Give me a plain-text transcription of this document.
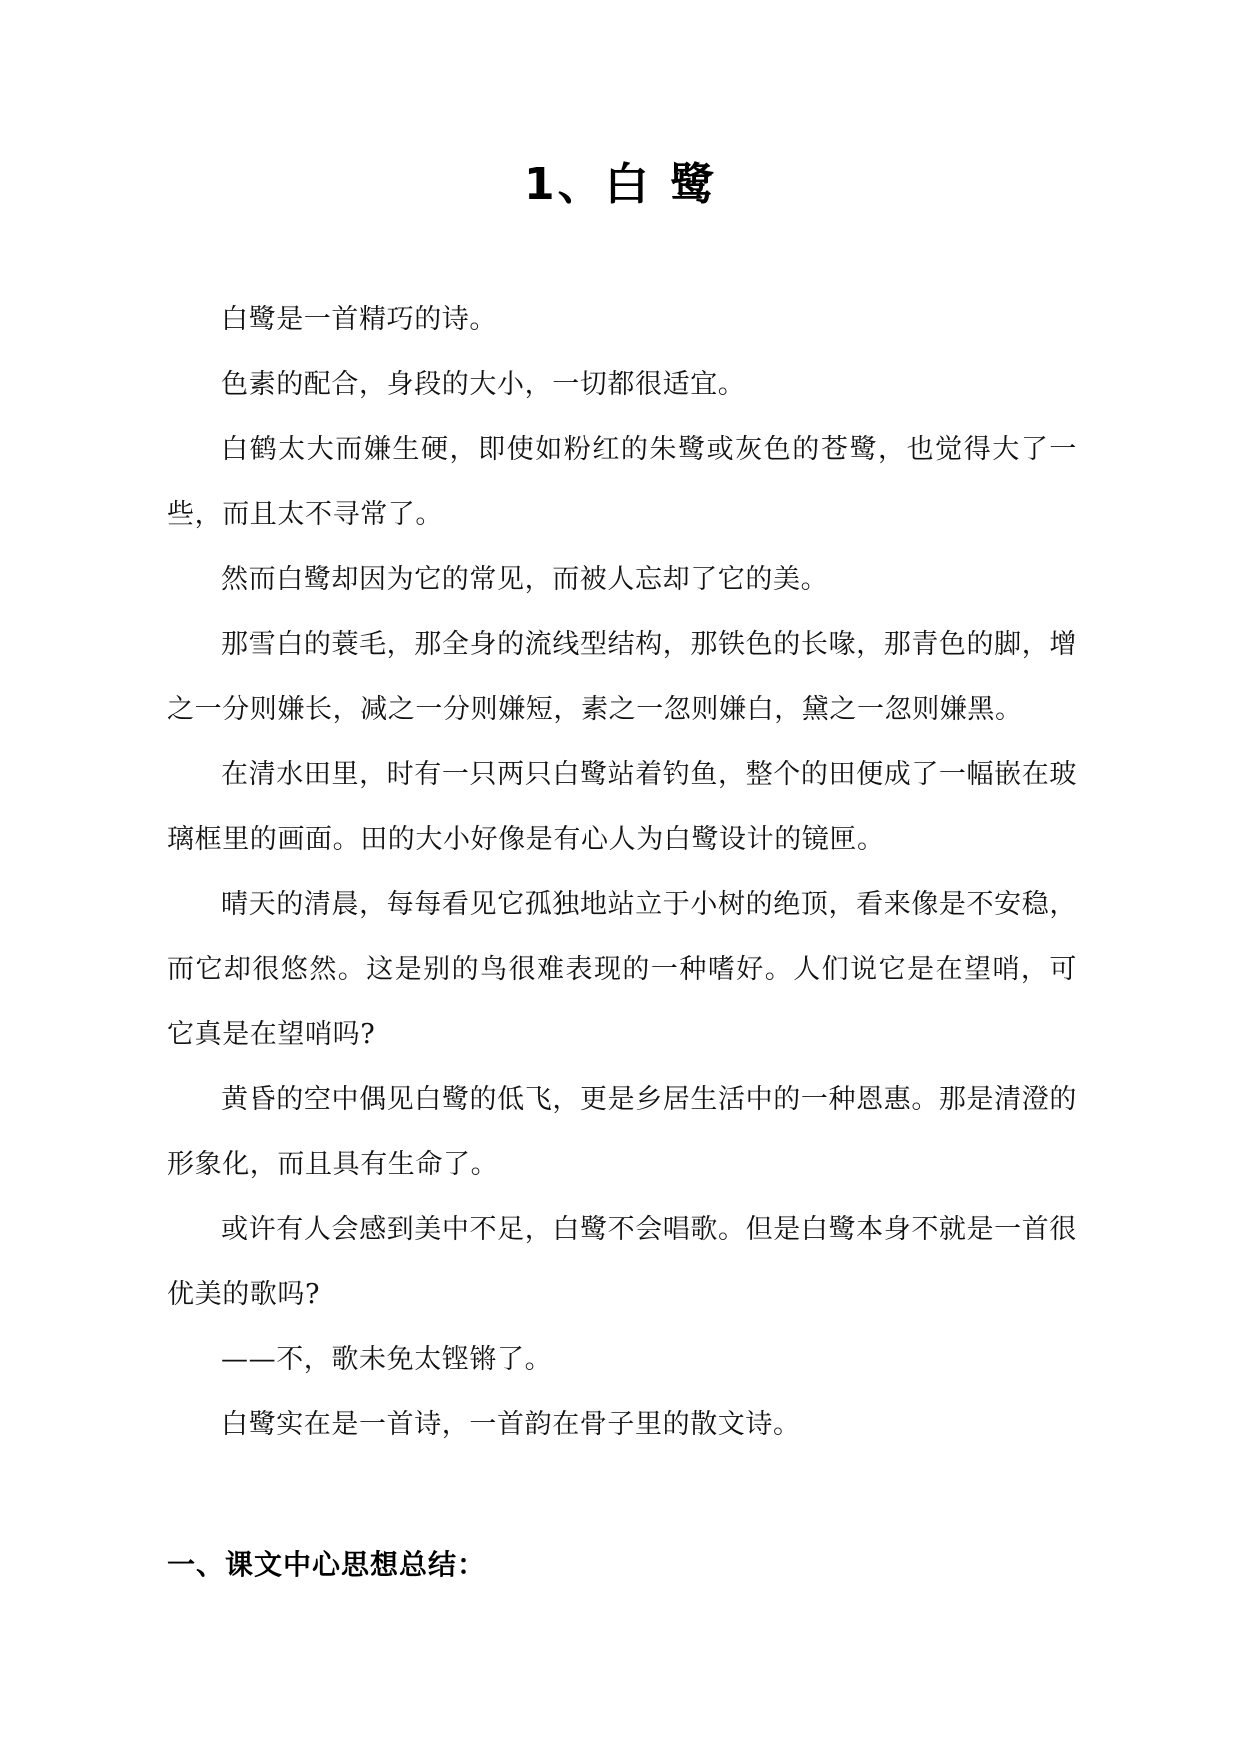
1、白 鹭

白鹭是一首精巧的诗。

色素的配合，身段的大小，一切都很适宜。

白鹤太大而嫌生硬，即使如粉红的朱鹭或灰色的苍鹭，也觉得大了一些，而且太不寻常了。

然而白鹭却因为它的常见，而被人忘却了它的美。

那雪白的蓑毛，那全身的流线型结构，那铁色的长喙，那青色的脚，增之一分则嫌长，减之一分则嫌短，素之一忽则嫌白，黛之一忽则嫌黑。

在清水田里，时有一只两只白鹭站着钓鱼，整个的田便成了一幅嵌在玻璃框里的画面。田的大小好像是有心人为白鹭设计的镜匣。

晴天的清晨，每每看见它孤独地站立于小树的绝顶，看来像是不安稳，而它却很悠然。这是别的鸟很难表现的一种嗜好。人们说它是在望哨，可它真是在望哨吗?

黄昏的空中偶见白鹭的低飞，更是乡居生活中的一种恩惠。那是清澄的形象化，而且具有生命了。

或许有人会感到美中不足，白鹭不会唱歌。但是白鹭本身不就是一首很优美的歌吗?

——不，歌未免太铿锵了。

白鹭实在是一首诗，一首韵在骨子里的散文诗。

一、课文中心思想总结：
